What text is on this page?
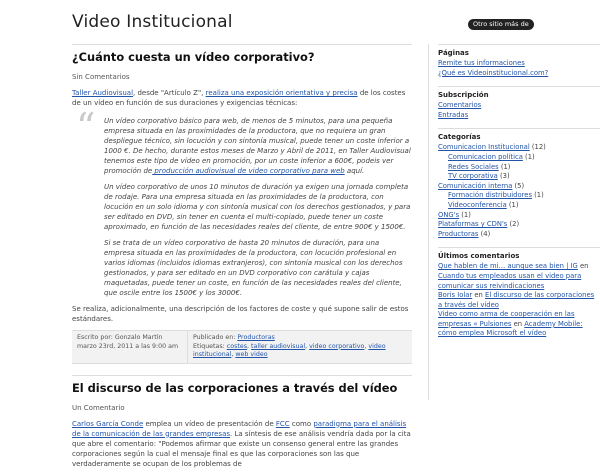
Video Institucional	Otro sitio más de
¿Cuánto cuesta un vídeo corporativo?
Sin Comentarios
Taller Audiovisual, desde "Artículo Z", realiza una exposición orientativa y precisa de los costes de un vídeo en función de sus duraciones y exigencias técnicas:
“ Un vídeo corporativo básico para web, de menos de 5 minutos, para una pequeña empresa situada en las proximidades de la productora, que no requiera un gran despliegue técnico, sin locución y con sintonía musical, puede tener un coste inferior a 1000 €. De hecho, durante estos meses de Marzo y Abril de 2011, en Taller Audiovisual tenemos este tipo de vídeo en promoción, por un coste inferior a 600€, podeis ver promoción de producción audiovisual de video corporativo para web aquí.
Un vídeo corporativo de unos 10 minutos de duración ya exigen una jornada completa de rodaje. Para una empresa situada en las proximidades de la productora, con locución en un solo idioma y con sintonía musical con los derechos gestionados, y para ser editado en DVD, sin tener en cuenta el multi-copiado, puede tener un coste aproximado, en función de las necesidades reales del cliente, de entre 900€ y 1500€.
Si se trata de un vídeo corporativo de hasta 20 minutos de duración, para una empresa situada en las proximidades de la productora, con locución profesional en varios idiomas (incluidos idiomas extranjeros), con sintonía musical con los derechos gestionados, y para ser editado en un DVD corporativo con carátula y cajas maquetadas, puede tener un coste, en función de las necesidades reales del cliente, que oscile entre los 1500€ y los 3000€.
Se realiza, adicionalmente, una descripción de los factores de coste y qué supone salir de estos estándares.
Escrito por: Gonzalo Martín
marzo 23rd, 2011 a las 9:00 am
Publicado en: Productoras
Etiquetas: costes, taller audiovisual, video corporativo, video institucional, web video
El discurso de las corporaciones a través del vídeo
Un Comentario
Carlos García Conde emplea un vídeo de presentación de FCC como paradigma para el análisis de la comunicación de las grandes empresas. La síntesis de ese análisis vendría dada por la cita que abre el comentario: "Podemos afirmar que existe un consenso general entre las grandes corporaciones según la cual el mensaje final es que las corporaciones son las que verdaderamente se ocupan de los problemas de
Páginas
Remite tus informaciones
¿Qué es Videoinstitucional.com?
Subscripción
Comentarios
Entradas
Categorías
Comunicacion Institucional (12)
Comunicacion política (1)
Redes Sociales (1)
TV corporativa (3)
Comunicación interna (5)
Formación distribuidores (1)
Videoconferencia (1)
ONG's (1)
Plataformas y CDN's (2)
Productoras (4)
Últimos comentarios
Que hablen de mi… aunque sea bien | IG en Cuando tus empleados usan el video para comunicar sus reivindicaciones
Boris Iolar en El discurso de las corporaciones a través del vídeo
Video como arma de cooperación en las empresas « Pulsiones en Academy Mobile: cómo emplea Microsoft el vídeo
